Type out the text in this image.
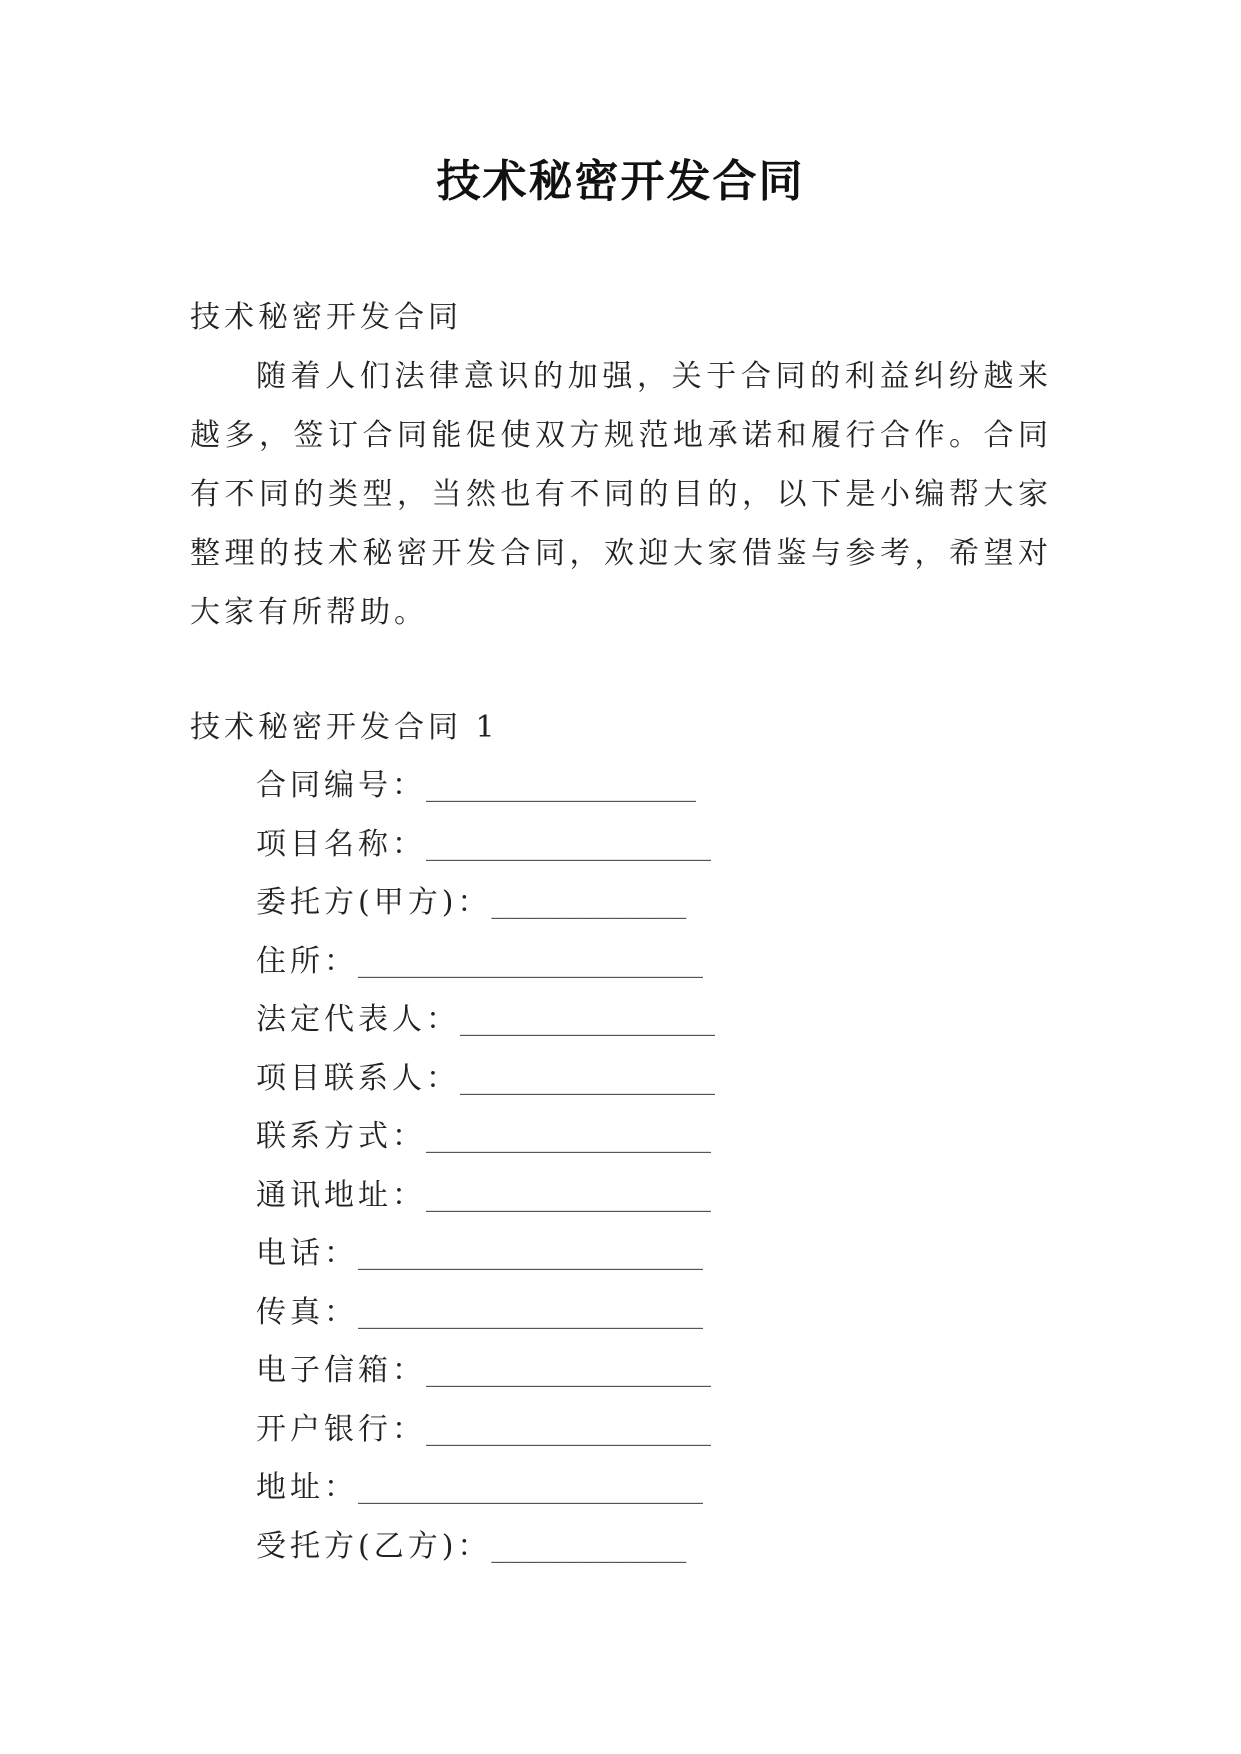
技术秘密开发合同

技术秘密开发合同

随着人们法律意识的加强，关于合同的利益纠纷越来越多，签订合同能促使双方规范地承诺和履行合作。合同有不同的类型，当然也有不同的目的，以下是小编帮大家整理的技术秘密开发合同，欢迎大家借鉴与参考，希望对大家有所帮助。

技术秘密开发合同 1

合同编号：__________________
项目名称：___________________
委托方(甲方)：_____________
住所：_______________________
法定代表人：_________________
项目联系人：_________________
联系方式：___________________
通讯地址：___________________
电话：_______________________
传真：_______________________
电子信箱：___________________
开户银行：___________________
地址：_______________________
受托方(乙方)：_____________
